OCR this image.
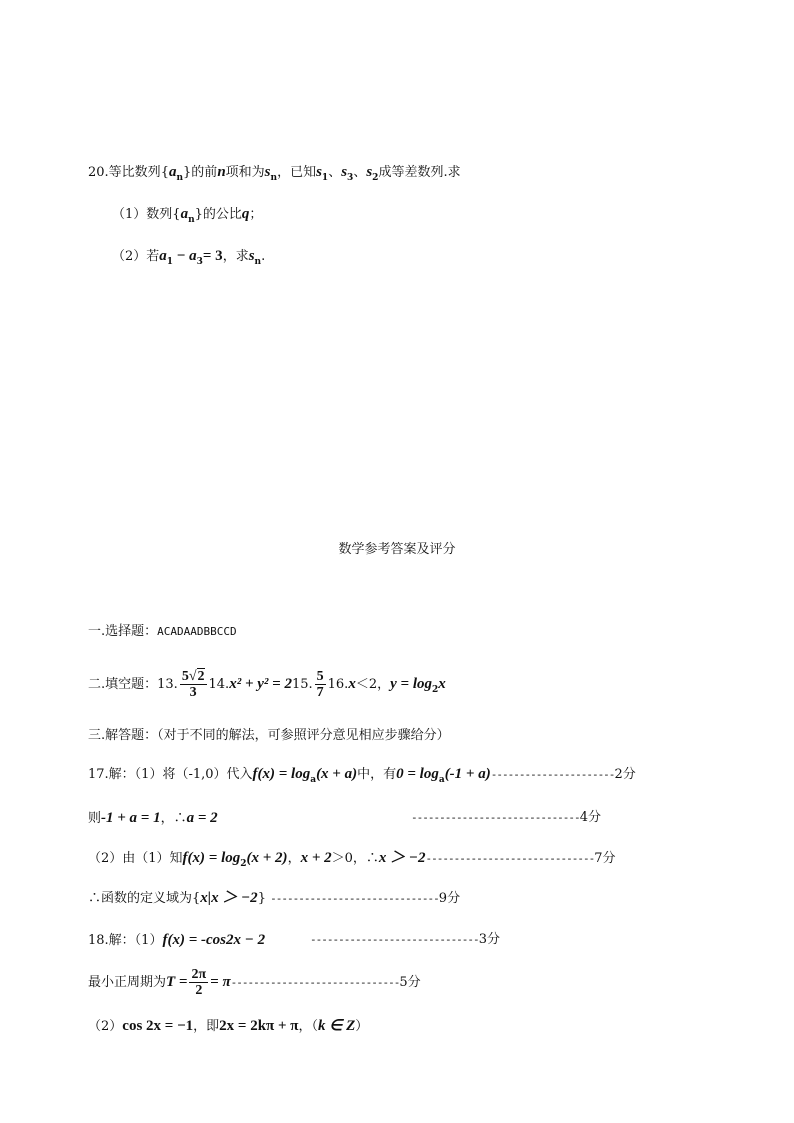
20.等比数列$\{a_n\}$的前n项和为$s_n$，已知$s_1$、$s_3$、$s_2$成等差数列.求
（1）数列$\{a_n\}$的公比q；
（2）若$a_1 - a_3= 3$，求$s_n$.
数学参考答案及评分
一.选择题：ACADAADBBCCD
二.填空题：13. $\frac{5√2}{3} 14.x^2 + y^2 = 215$. $\frac{5}{7} 16.x<2$，$y = \log_2x$
三.解答题：（对于不同的解法，可参照评分意见相应步骤给分）
17.解：（1）将（-1,0）代入$f(x) = \log_a(x + a)$中，有$0 = \log_a(-1 + a)----------------------2$分
则-1 + a = 1，∴a = 2	------------------------------4分
（2）由（1）知$f(x) = \log_2(x + 2)$，x + 2＞0，∴x ＞ −2------------------------------7分
∴函数的定义域为{x|x ＞ −2} ------------------------------9分
18.解：（1）f(x) = -cos2x − 2	------------------------------3分
最小正周期为$T = \frac{2\pi}{2} = \pi------------------------------5$分
（2）cos 2x = −1，即2x = 2kπ + π，（k ∈ Z）
